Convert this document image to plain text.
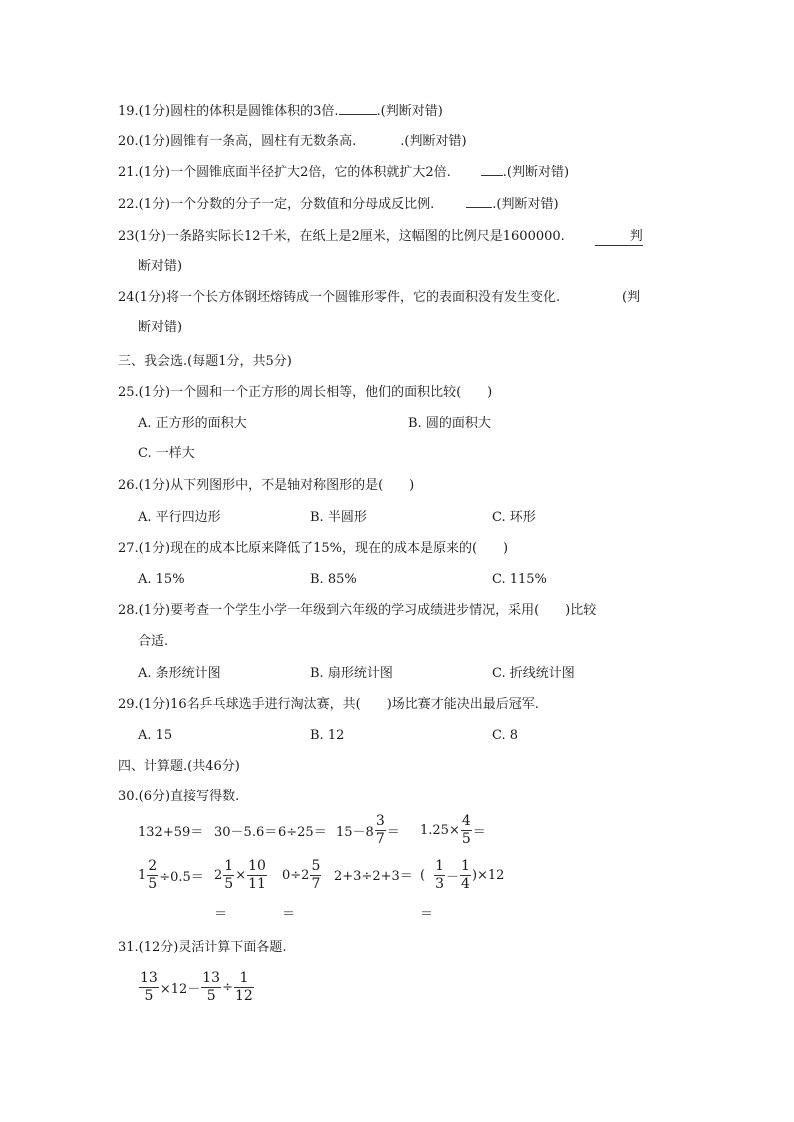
19.(1分)圆柱的体积是圆锥体积的3倍.	.(判断对错)
20.(1分)圆锥有一条高，圆柱有无数条高.	.(判断对错)
21.(1分)一个圆锥底面半径扩大2倍，它的体积就扩大2倍.	.(判断对错)
22.(1分)一个分数的分子一定，分数值和分母成反比例.	.(判断对错)
23(1分)一条路实际长12千米，在纸上是2厘米，这幅图的比例尺是1600000.	判
断对错)
24(1分)将一个长方体钢坯熔铸成一个圆锥形零件，它的表面积没有发生变化.	(判
断对错)
三、我会选.(每题1分，共5分)
25.(1分)一个圆和一个正方形的周长相等，他们的面积比较(　　)
A. 正方形的面积大	B. 圆的面积大
C. 一样大
26.(1分)从下列图形中，不是轴对称图形的是(　　)
A. 平行四边形	B. 半圆形	C. 环形
27.(1分)现在的成本比原来降低了15%，现在的成本是原来的(　　)
A. 15%	B. 85%	C. 115%
28.(1分)要考查一个学生小学一年级到六年级的学习成绩进步情况，采用(　　)比较
合适.
A. 条形统计图	B. 扇形统计图	C. 折线统计图
29.(1分)16名乒乓球选手进行淘汰赛，共(　　)场比赛才能决出最后冠军.
A. 15	B. 12	C. 8
四、计算题.(共46分)
30.(6分)直接写得数.
$132+59= 30-5.6= 6\div 25= 15-8 \frac{3}{7} = 1.25\times \frac{4}{5}$ ＝
$1 \frac{2}{5} \div 0.5= 2 \frac{1}{5} \times \frac{10}{11} 0\div 2 \frac{5}{7} 2+3\div 2+3=$ ( $\frac{1}{3} - \frac{1}{4} )\times 12$
＝	＝	＝
31.(12分)灵活计算下面各题.
$\frac{13}{5} \times 12- \frac{13}{5} \div \frac{1}{12}$
